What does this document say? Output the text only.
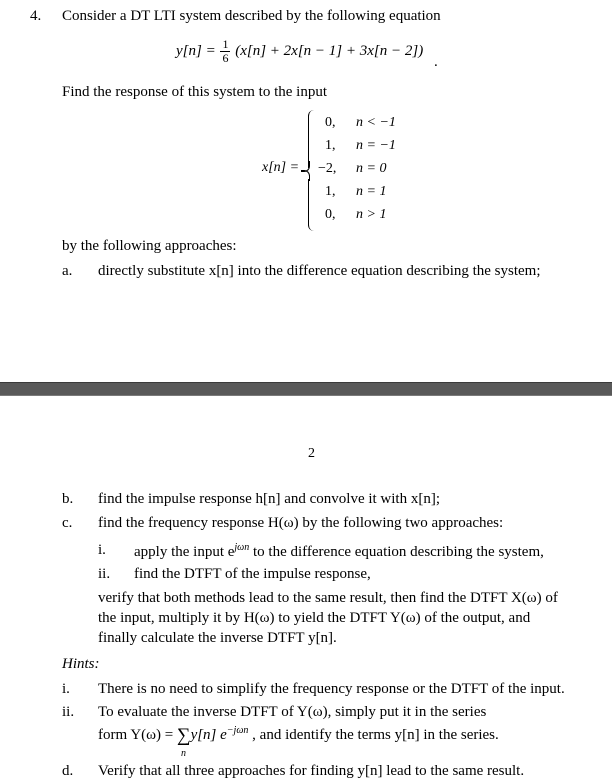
4. Consider a DT LTI system described by the following equation
$y[n] = \frac{1}{6} (x[n] + 2x[n - 1] + 3x[n - 2])$
.
Find the response of this system to the input
x[n] =
0, n < −1
1, n = −1
−2, n = 0
1, n = 1
0, n > 1
by the following approaches:
a. directly substitute x[n] into the difference equation describing the system;
2
b. find the impulse response h[n] and convolve it with x[n];
c. find the frequency response H(ω) by the following two approaches:
i. apply the input $e^{j\omega n}$ to the difference equation describing the system,
ii. find the DTFT of the impulse response,
verify that both methods lead to the same result, then find the DTFT X(ω) of
the input, multiply it by H(ω) to yield the DTFT Y(ω) of the output, and
finally calculate the inverse DTFT y[n].
Hints:
i. There is no need to simplify the frequency response or the DTFT of the input.
ii. To evaluate the inverse DTFT of Y(ω), simply put it in the series
form Y(ω) = ∑
n
y[n] $e^{-j\omega n}$ , and identify the terms y[n] in the series.
d. Verify that all three approaches for finding y[n] lead to the same result.
